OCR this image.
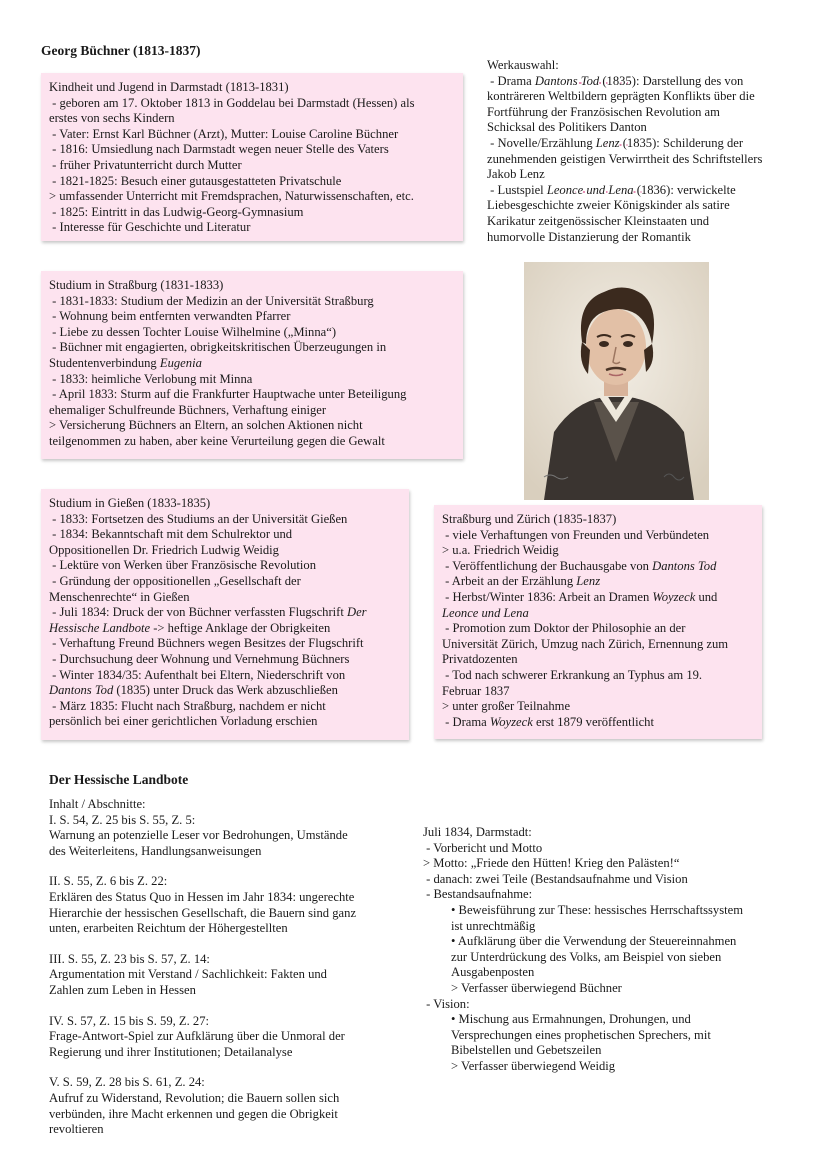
Georg Büchner (1813-1837)
Kindheit und Jugend in Darmstadt (1813-1831)
- geboren am 17. Oktober 1813 in Goddelau bei Darmstadt (Hessen) als
erstes von sechs Kindern
- Vater: Ernst Karl Büchner (Arzt), Mutter: Louise Caroline Büchner
- 1816: Umsiedlung nach Darmstadt wegen neuer Stelle des Vaters
- früher Privatunterricht durch Mutter
- 1821-1825: Besuch einer gutausgestatteten Privatschule
> umfassender Unterricht mit Fremdsprachen, Naturwissenschaften, etc.
- 1825: Eintritt in das Ludwig-Georg-Gymnasium
- Interesse für Geschichte und Literatur
Werkauswahl:
- Drama Dantons Tod (1835): Darstellung des von
konträreren Weltbildern geprägten Konflikts über die
Fortführung der Französischen Revolution am
Schicksal des Politikers Danton
- Novelle/Erzählung Lenz (1835): Schilderung der
zunehmenden geistigen Verwirrtheit des Schriftstellers
Jakob Lenz
- Lustspiel Leonce und Lena (1836): verwickelte
Liebesgeschichte zweier Königskinder als satire
Karikatur zeitgenössischer Kleinstaaten und
humorvolle Distanzierung der Romantik
Studium in Straßburg (1831-1833)
- 1831-1833: Studium der Medizin an der Universität Straßburg
- Wohnung beim entfernten verwandten Pfarrer
- Liebe zu dessen Tochter Louise Wilhelmine („Minna“)
- Büchner mit engagierten, obrigkeitskritischen Überzeugungen in
Studentenverbindung Eugenia
- 1833: heimliche Verlobung mit Minna
- April 1833: Sturm auf die Frankfurter Hauptwache unter Beteiligung
ehemaliger Schulfreunde Büchners, Verhaftung einiger
> Versicherung Büchners an Eltern, an solchen Aktionen nicht
teilgenommen zu haben, aber keine Verurteilung gegen die Gewalt
Studium in Gießen (1833-1835)
- 1833: Fortsetzen des Studiums an der Universität Gießen
- 1834: Bekanntschaft mit dem Schulrektor und
Oppositionellen Dr. Friedrich Ludwig Weidig
- Lektüre von Werken über Französische Revolution
- Gründung der oppositionellen „Gesellschaft der
Menschenrechte“ in Gießen
- Juli 1834: Druck der von Büchner verfassten Flugschrift Der
Hessische Landbote -> heftige Anklage der Obrigkeiten
- Verhaftung Freund Büchners wegen Besitzes der Flugschrift
- Durchsuchung deer Wohnung und Vernehmung Büchners
- Winter 1834/35: Aufenthalt bei Eltern, Niederschrift von
Dantons Tod (1835) unter Druck das Werk abzuschließen
- März 1835: Flucht nach Straßburg, nachdem er nicht
persönlich bei einer gerichtlichen Vorladung erschien
Straßburg und Zürich (1835-1837)
- viele Verhaftungen von Freunden und Verbündeten
> u.a. Friedrich Weidig
- Veröffentlichung der Buchausgabe von Dantons Tod
- Arbeit an der Erzählung Lenz
- Herbst/Winter 1836: Arbeit an Dramen Woyzeck und
Leonce und Lena
- Promotion zum Doktor der Philosophie an der
Universität Zürich, Umzug nach Zürich, Ernennung zum
Privatdozenten
- Tod nach schwerer Erkrankung an Typhus am 19.
Februar 1837
> unter großer Teilnahme
- Drama Woyzeck erst 1879 veröffentlicht
Der Hessische Landbote
Inhalt / Abschnitte:
I. S. 54, Z. 25 bis S. 55, Z. 5:
Warnung an potenzielle Leser vor Bedrohungen, Umstände
des Weiterleitens, Handlungsanweisungen
II. S. 55, Z. 6 bis Z. 22:
Erklären des Status Quo in Hessen im Jahr 1834: ungerechte
Hierarchie der hessischen Gesellschaft, die Bauern sind ganz
unten, erarbeiten Reichtum der Höhergestellten
III. S. 55, Z. 23 bis S. 57, Z. 14:
Argumentation mit Verstand / Sachlichkeit: Fakten und
Zahlen zum Leben in Hessen
IV. S. 57, Z. 15 bis S. 59, Z. 27:
Frage-Antwort-Spiel zur Aufklärung über die Unmoral der
Regierung und ihrer Institutionen; Detailanalyse
V. S. 59, Z. 28 bis S. 61, Z. 24:
Aufruf zu Widerstand, Revolution; die Bauern sollen sich
verbünden, ihre Macht erkennen und gegen die Obrigkeit
revoltieren
Juli 1834, Darmstadt:
- Vorbericht und Motto
> Motto: „Friede den Hütten! Krieg den Palästen!“
- danach: zwei Teile (Bestandsaufnahme und Vision
- Bestandsaufnahme:
• Beweisführung zur These: hessisches Herrschaftssystem
ist unrechtmäßig
• Aufklärung über die Verwendung der Steuereinnahmen
zur Unterdrückung des Volks, am Beispiel von sieben
Ausgabenposten
> Verfasser überwiegend Büchner
- Vision:
• Mischung aus Ermahnungen, Drohungen, und
Versprechungen eines prophetischen Sprechers, mit
Bibelstellen und Gebetszeilen
> Verfasser überwiegend Weidig
